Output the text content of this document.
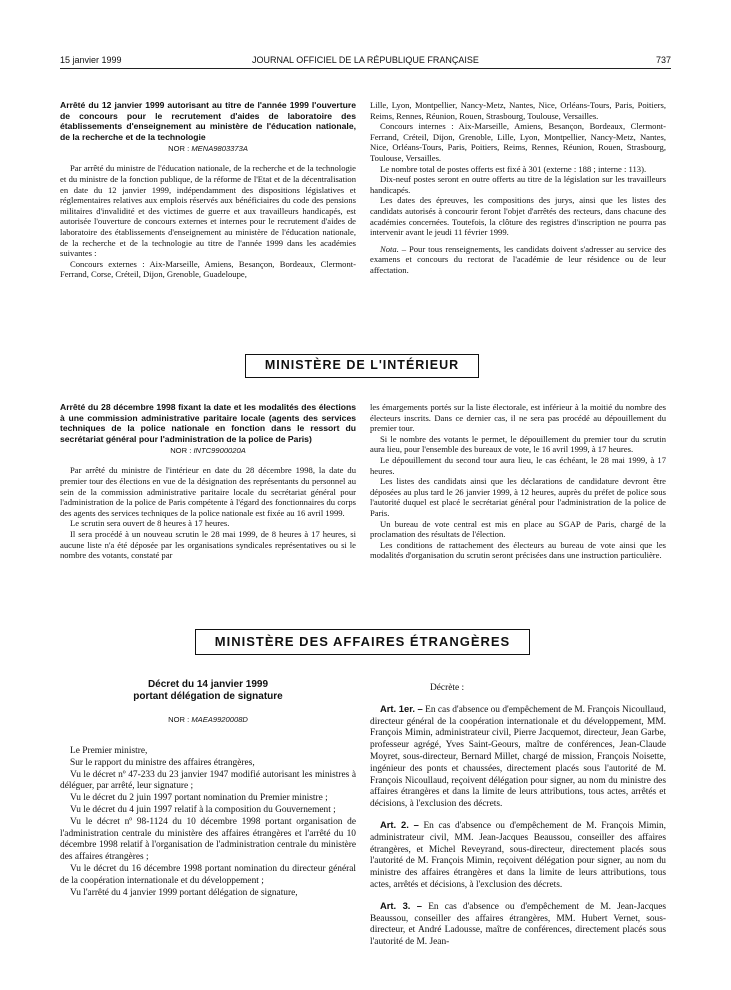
15 janvier 1999	JOURNAL OFFICIEL DE LA RÉPUBLIQUE FRANÇAISE	737
Arrêté du 12 janvier 1999 autorisant au titre de l'année 1999 l'ouverture de concours pour le recrutement d'aides de laboratoire des établissements d'enseignement au ministère de l'éducation nationale, de la recherche et de la technologie
NOR : MENA9803373A

Par arrêté du ministre de l'éducation nationale, de la recherche et de la technologie et du ministre de la fonction publique, de la réforme de l'Etat et de la décentralisation en date du 12 janvier 1999, indépendamment des dispositions législatives et réglementaires relatives aux emplois réservés aux bénéficiaires du code des pensions militaires d'invalidité et des victimes de guerre et aux travailleurs handicapés, est autorisée l'ouverture de concours externes et internes pour le recrutement d'aides de laboratoire des établissements d'enseignement au ministère de l'éducation nationale, de la recherche et de la technologie au titre de l'année 1999 dans les académies suivantes :

Concours externes : Aix-Marseille, Amiens, Besançon, Bordeaux, Clermont-Ferrand, Corse, Créteil, Dijon, Grenoble, Guadeloupe,

Lille, Lyon, Montpellier, Nancy-Metz, Nantes, Nice, Orléans-Tours, Paris, Poitiers, Reims, Rennes, Réunion, Rouen, Strasbourg, Toulouse, Versailles.

Concours internes : Aix-Marseille, Amiens, Besançon, Bordeaux, Clermont-Ferrand, Créteil, Dijon, Grenoble, Lille, Lyon, Montpellier, Nancy-Metz, Nantes, Nice, Orléans-Tours, Paris, Poitiers, Reims, Rennes, Réunion, Rouen, Strasbourg, Toulouse, Versailles.

Le nombre total de postes offerts est fixé à 301 (externe : 188 ; interne : 113).

Dix-neuf postes seront en outre offerts au titre de la législation sur les travailleurs handicapés.

Les dates des épreuves, les compositions des jurys, ainsi que les listes des candidats autorisés à concourir feront l'objet d'arrêtés des recteurs, dans chacune des académies concernées. Toutefois, la clôture des registres d'inscription ne pourra pas intervenir avant le jeudi 11 février 1999.

Nota. – Pour tous renseignements, les candidats doivent s'adresser au service des examens et concours du rectorat de l'académie de leur résidence ou de leur affectation.

MINISTÈRE DE L'INTÉRIEUR
Arrêté du 28 décembre 1998 fixant la date et les modalités des élections à une commission administrative paritaire locale (agents des services techniques de la police nationale en fonction dans le ressort du secrétariat général pour l'administration de la police de Paris)
NOR : INTC9900020A

Par arrêté du ministre de l'intérieur en date du 28 décembre 1998, la date du premier tour des élections en vue de la désignation des représentants du personnel au sein de la commission administrative paritaire locale du secrétariat général pour l'administration de la police de Paris compétente à l'égard des fonctionnaires du corps des agents des services techniques de la police nationale est fixée au 16 avril 1999.

Le scrutin sera ouvert de 8 heures à 17 heures.

Il sera procédé à un nouveau scrutin le 28 mai 1999, de 8 heures à 17 heures, si aucune liste n'a été déposée par les organisations syndicales représentatives ou si le nombre des votants, constaté par

les émargements portés sur la liste électorale, est inférieur à la moitié du nombre des électeurs inscrits. Dans ce dernier cas, il ne sera pas procédé au dépouillement du premier tour.

Si le nombre des votants le permet, le dépouillement du premier tour du scrutin aura lieu, pour l'ensemble des bureaux de vote, le 16 avril 1999, à 17 heures.

Le dépouillement du second tour aura lieu, le cas échéant, le 28 mai 1999, à 17 heures.

Les listes des candidats ainsi que les déclarations de candidature devront être déposées au plus tard le 26 janvier 1999, à 12 heures, auprès du préfet de police sous l'autorité duquel est placé le secrétariat général pour l'administration de la police de Paris.

Un bureau de vote central est mis en place au SGAP de Paris, chargé de la proclamation des résultats de l'élection.

Les conditions de rattachement des électeurs au bureau de vote ainsi que les modalités d'organisation du scrutin seront précisées dans une instruction particulière.

MINISTÈRE DES AFFAIRES ÉTRANGÈRES
Décret du 14 janvier 1999
portant délégation de signature
NOR : MAEA9920008D

Le Premier ministre,

Sur le rapport du ministre des affaires étrangères,

Vu le décret nº 47-233 du 23 janvier 1947 modifié autorisant les ministres à déléguer, par arrêté, leur signature ;

Vu le décret du 2 juin 1997 portant nomination du Premier ministre ;

Vu le décret du 4 juin 1997 relatif à la composition du Gouvernement ;

Vu le décret nº 98-1124 du 10 décembre 1998 portant organisation de l'administration centrale du ministère des affaires étrangères et l'arrêté du 10 décembre 1998 relatif à l'organisation de l'administration centrale du ministère des affaires étrangères ;

Vu le décret du 16 décembre 1998 portant nomination du directeur général de la coopération internationale et du développement ;

Vu l'arrêté du 4 janvier 1999 portant délégation de signature,

Décrète :

Art. 1er. – En cas d'absence ou d'empêchement de M. François Nicoullaud, directeur général de la coopération internationale et du développement, MM. François Mimin, administrateur civil, Pierre Jacquemot, directeur, Jean Garbe, professeur agrégé, Yves Saint-Geours, maître de conférences, Jean-Claude Moyret, sous-directeur, Bernard Millet, chargé de mission, François Noisette, ingénieur des ponts et chaussées, directement placés sous l'autorité de M. François Nicoullaud, reçoivent délégation pour signer, au nom du ministre des affaires étrangères et dans la limite de leurs attributions, tous actes, arrêtés et décisions, à l'exclusion des décrets.

Art. 2. – En cas d'absence ou d'empêchement de M. François Mimin, administrateur civil, MM. Jean-Jacques Beaussou, conseiller des affaires étrangères, et Michel Reveyrand, sous-directeur, directement placés sous l'autorité de M. François Mimin, reçoivent délégation pour signer, au nom du ministre des affaires étrangères et dans la limite de leurs attributions, tous actes, arrêtés et décisions, à l'exclusion des décrets.

Art. 3. – En cas d'absence ou d'empêchement de M. Jean-Jacques Beaussou, conseiller des affaires étrangères, MM. Hubert Vernet, sous-directeur, et André Ladousse, maître de conférences, directement placés sous l'autorité de M. Jean-
